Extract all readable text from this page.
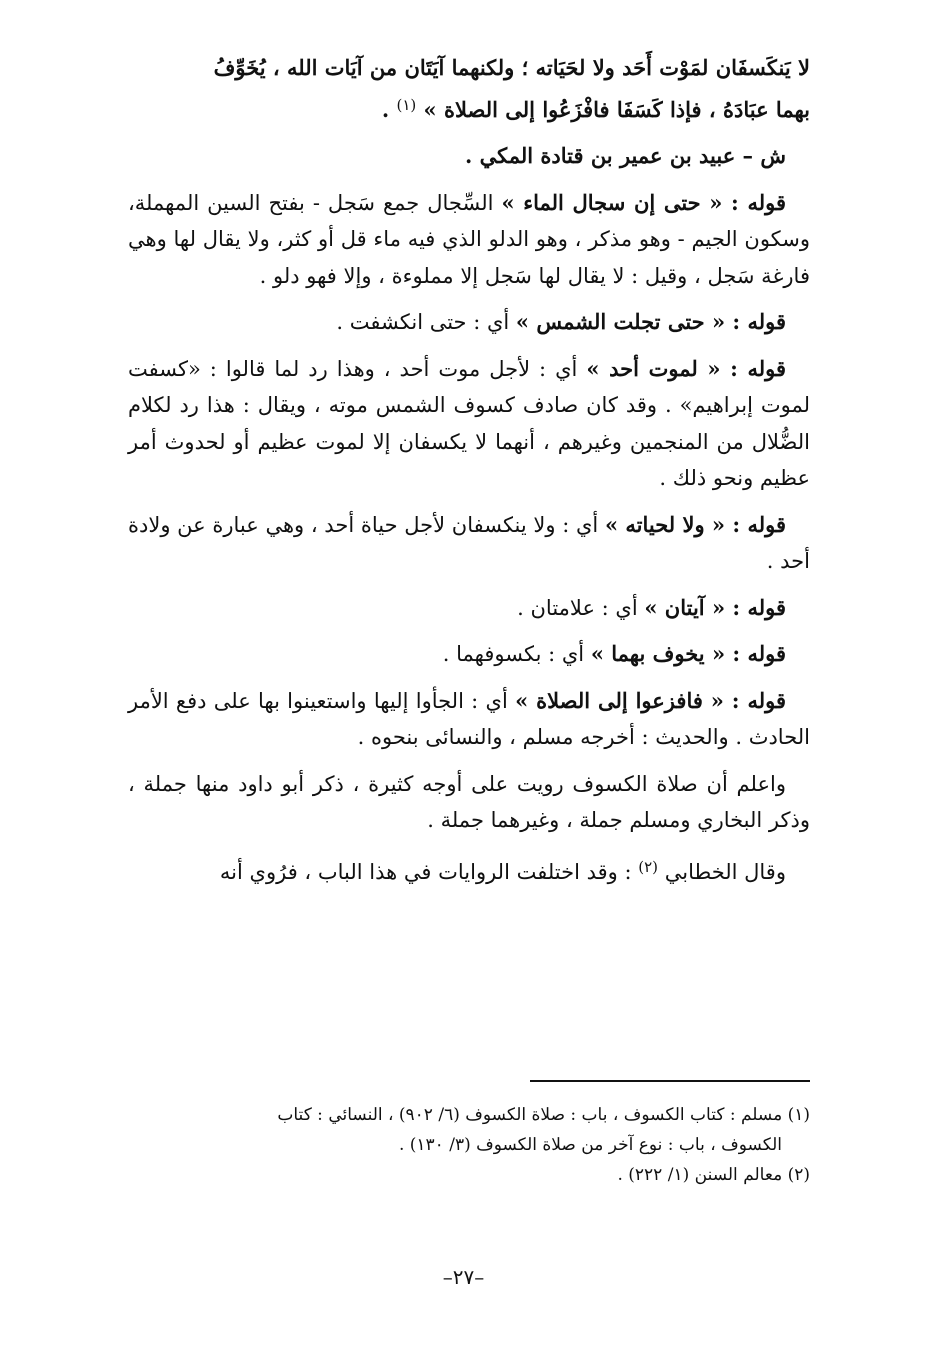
لا يَنكَسفَان لمَوْت أَحَد ولا لحَيَاته ؛ ولكنهما آيَتَان من آيَات الله ، يُخَوِّفُ
بهما عبَادَهُ ، فإذا كَسَفَا فافْزَعُوا إلى الصلاة » $^{(١)}$ .

ش – عبيد بن عمير بن قتادة المكي .

قوله : « حتى إن سجال الماء » السِّجال جمع سَجل - بفتح السين المهملة، وسكون الجيم - وهو مذكر ، وهو الدلو الذي فيه ماء قل أو كثر، ولا يقال لها وهي فارغة سَجل ، وقيل : لا يقال لها سَجل إلا مملوءة ، وإلا فهو دلو .

قوله : « حتى تجلت الشمس » أي : حتى انكشفت .

قوله : « لموت أحد » أي : لأجل موت أحد ، وهذا رد لما قالوا : «كسفت لموت إبراهيم» . وقد كان صادف كسوف الشمس موته ، ويقال : هذا رد لكلام الضُّلال من المنجمين وغيرهم ، أنهما لا يكسفان إلا لموت عظيم أو لحدوث أمر عظيم ونحو ذلك .

قوله : « ولا لحياته » أي : ولا ينكسفان لأجل حياة أحد ، وهي عبارة عن ولادة أحد .

قوله : « آيتان » أي : علامتان .

قوله : « يخوف بهما » أي : بكسوفهما .

قوله : « فافزعوا إلى الصلاة » أي : الجأوا إليها واستعينوا بها على دفع الأمر الحادث . والحديث : أخرجه مسلم ، والنسائى بنحوه .

واعلم أن صلاة الكسوف رويت على أوجه كثيرة ، ذكر أبو داود منها جملة ، وذكر البخاري ومسلم جملة ، وغيرهما جملة .

وقال الخطابي $^{(٢)}$ : وقد اختلفت الروايات في هذا الباب ، فرُوي أنه

(١) مسلم : كتاب الكسوف ، باب : صلاة الكسوف (٦/ ٩٠٢) ، النسائي : كتاب

الكسوف ، باب : نوع آخر من صلاة الكسوف (٣/ ١٣٠) .

(٢) معالم السنن (١/ ٢٢٢) .

–٢٧–
